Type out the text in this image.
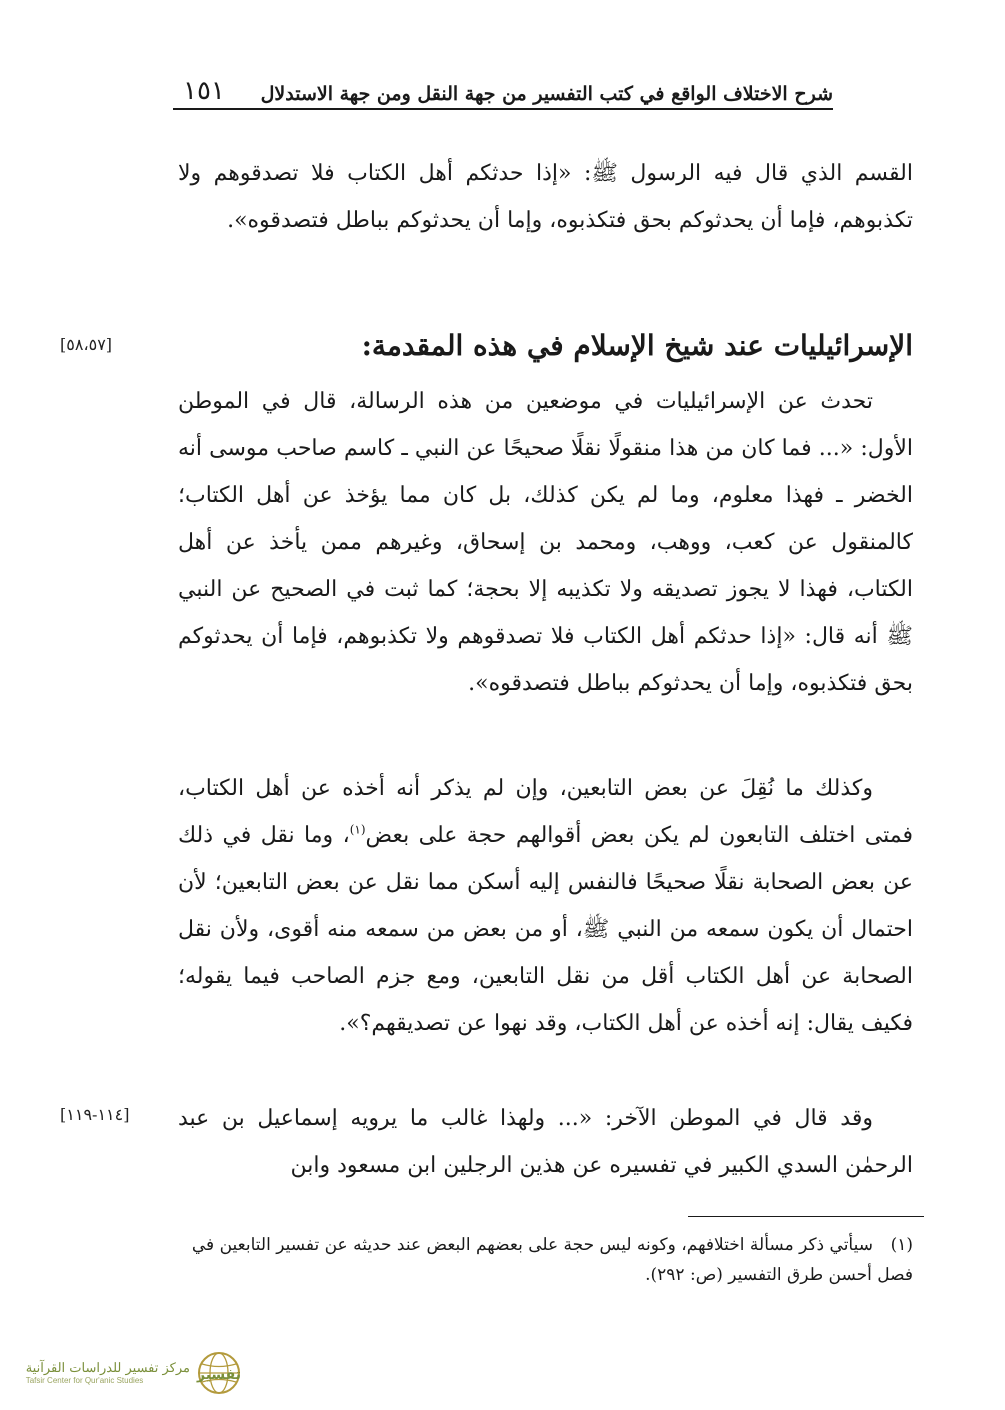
شرح الاختلاف الواقع في كتب التفسير من جهة النقل ومن جهة الاستدلال
١٥١

القسم الذي قال فيه الرسول ﷺ: «إذا حدثكم أهل الكتاب فلا تصدقوهم ولا تكذبوهم، فإما أن يحدثوكم بحق فتكذبوه، وإما أن يحدثوكم بباطل فتصدقوه».

الإسرائيليات عند شيخ الإسلام في هذه المقدمة:
[٥٨،٥٧]

تحدث عن الإسرائيليات في موضعين من هذه الرسالة، قال في الموطن الأول: «... فما كان من هذا منقولًا نقلًا صحيحًا عن النبي ـ كاسم صاحب موسى أنه الخضر ـ فهذا معلوم، وما لم يكن كذلك، بل كان مما يؤخذ عن أهل الكتاب؛ كالمنقول عن كعب، ووهب، ومحمد بن إسحاق، وغيرهم ممن يأخذ عن أهل الكتاب، فهذا لا يجوز تصديقه ولا تكذيبه إلا بحجة؛ كما ثبت في الصحيح عن النبي ﷺ أنه قال: «إذا حدثكم أهل الكتاب فلا تصدقوهم ولا تكذبوهم، فإما أن يحدثوكم بحق فتكذبوه، وإما أن يحدثوكم بباطل فتصدقوه».

وكذلك ما نُقِلَ عن بعض التابعين، وإن لم يذكر أنه أخذه عن أهل الكتاب، فمتى اختلف التابعون لم يكن بعض أقوالهم حجة على بعض$^{(١)}$، وما نقل في ذلك عن بعض الصحابة نقلًا صحيحًا فالنفس إليه أسكن مما نقل عن بعض التابعين؛ لأن احتمال أن يكون سمعه من النبي ﷺ، أو من بعض من سمعه منه أقوى، ولأن نقل الصحابة عن أهل الكتاب أقل من نقل التابعين، ومع جزم الصاحب فيما يقوله؛ فكيف يقال: إنه أخذه عن أهل الكتاب، وقد نهوا عن تصديقهم؟».

وقد قال في الموطن الآخر: «... ولهذا غالب ما يرويه إسماعيل بن عبد الرحمٰن السدي الكبير في تفسيره عن هذين الرجلين ابن مسعود وابن

[١١٤-١١٩]
(١)سيأتي ذكر مسألة اختلافهم، وكونه ليس حجة على بعضهم البعض عند حديثه عن تفسير التابعين في فصل أحسن طرق التفسير (ص: ٢٩٢).
تفسير
مركز تفسير للدراسات القرآنية
Tafsir Center for Qur'anic Studies
